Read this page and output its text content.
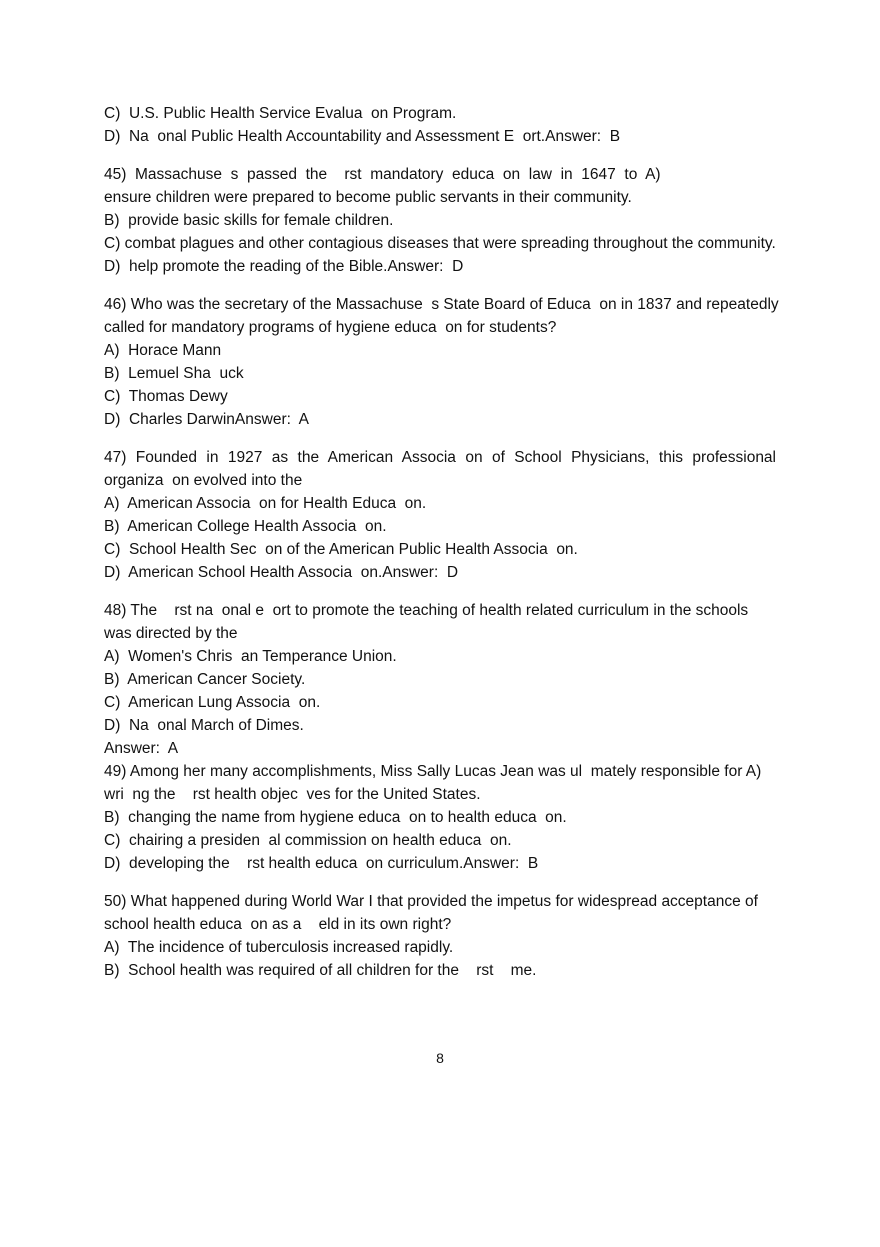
C)  U.S. Public Health Service Evalua  on Program.
D)  Na  onal Public Health Accountability and Assessment E  ort.Answer:  B
45)  Massachuse  s  passed  the    rst  mandatory  educa  on  law  in  1647  to  A)
ensure children were prepared to become public servants in their community.
B)  provide basic skills for female children.
C) combat plagues and other contagious diseases that were spreading throughout the community.
D)  help promote the reading of the Bible.Answer:  D
46) Who was the secretary of the Massachuse  s State Board of Educa  on in 1837 and repeatedly
called for mandatory programs of hygiene educa  on for students?
A)  Horace Mann
B)  Lemuel Sha  uck
C)  Thomas Dewy
D)  Charles DarwinAnswer:  A
47) Founded in 1927 as the American Associa on of School Physicians, this professional
organiza  on evolved into the
A)  American Associa  on for Health Educa  on.
B)  American College Health Associa  on.
C)  School Health Sec  on of the American Public Health Associa  on.
D)  American School Health Associa  on.Answer:  D
48) The    rst na  onal e  ort to promote the teaching of health related curriculum in the schools
was directed by the
A)  Women's Chris  an Temperance Union.
B)  American Cancer Society.
C)  American Lung Associa  on.
D)  Na  onal March of Dimes.
Answer:  A
49) Among her many accomplishments, Miss Sally Lucas Jean was ul  mately responsible for A)
wri  ng the    rst health objec  ves for the United States.
B)  changing the name from hygiene educa  on to health educa  on.
C)  chairing a presiden  al commission on health educa  on.
D)  developing the    rst health educa  on curriculum.Answer:  B
50) What happened during World War I that provided the impetus for widespread acceptance of
school health educa  on as a    eld in its own right?
A)  The incidence of tuberculosis increased rapidly.
B)  School health was required of all children for the    rst    me.
8
